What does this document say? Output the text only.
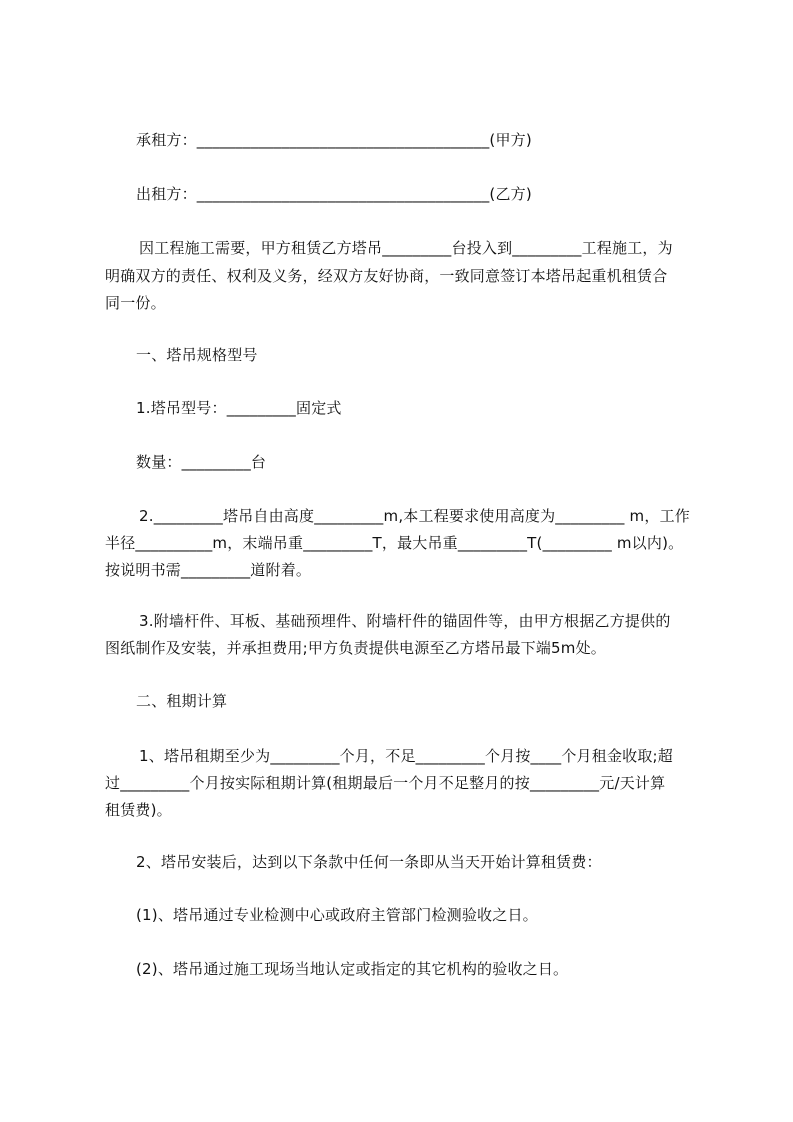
承租方：______________________________________(甲方)
出租方：______________________________________(乙方)
因工程施工需要，甲方租赁乙方塔吊_________台投入到_________工程施工，为
明确双方的责任、权利及义务，经双方友好协商，一致同意签订本塔吊起重机租赁合
同一份。
一、塔吊规格型号
1.塔吊型号：_________固定式
数量：_________台
2._________塔吊自由高度_________m,本工程要求使用高度为_________ m，工作
半径__________m，末端吊重_________T，最大吊重_________T(_________ m以内)。
按说明书需_________道附着。
3.附墙杆件、耳板、基础预埋件、附墙杆件的锚固件等，由甲方根据乙方提供的
图纸制作及安装，并承担费用;甲方负责提供电源至乙方塔吊最下端5m处。
二、租期计算
1、塔吊租期至少为_________个月，不足_________个月按____个月租金收取;超
过_________个月按实际租期计算(租期最后一个月不足整月的按_________元/天计算
租赁费)。
2、塔吊安装后，达到以下条款中任何一条即从当天开始计算租赁费：
(1)、塔吊通过专业检测中心或政府主管部门检测验收之日。
(2)、塔吊通过施工现场当地认定或指定的其它机构的验收之日。
